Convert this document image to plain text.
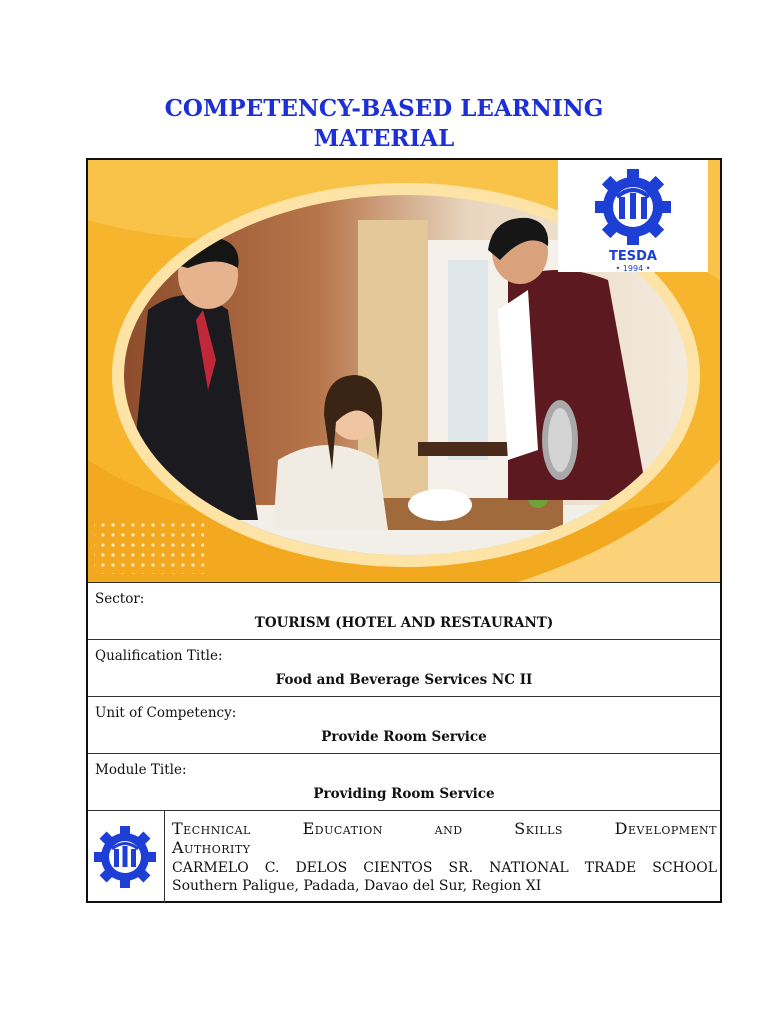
COMPETENCY-BASED LEARNING
MATERIAL
TESDA
• 1994 •
Sector:
TOURISM (HOTEL AND RESTAURANT)
Qualification Title:
Food and Beverage Services NC II
Unit of Competency:
Provide Room Service
Module Title:
Providing Room Service
Technical Education and Skills Development
Authority
CARMELO C. DELOS CIENTOS SR. NATIONAL TRADE SCHOOL
Southern Paligue, Padada, Davao del Sur, Region XI
